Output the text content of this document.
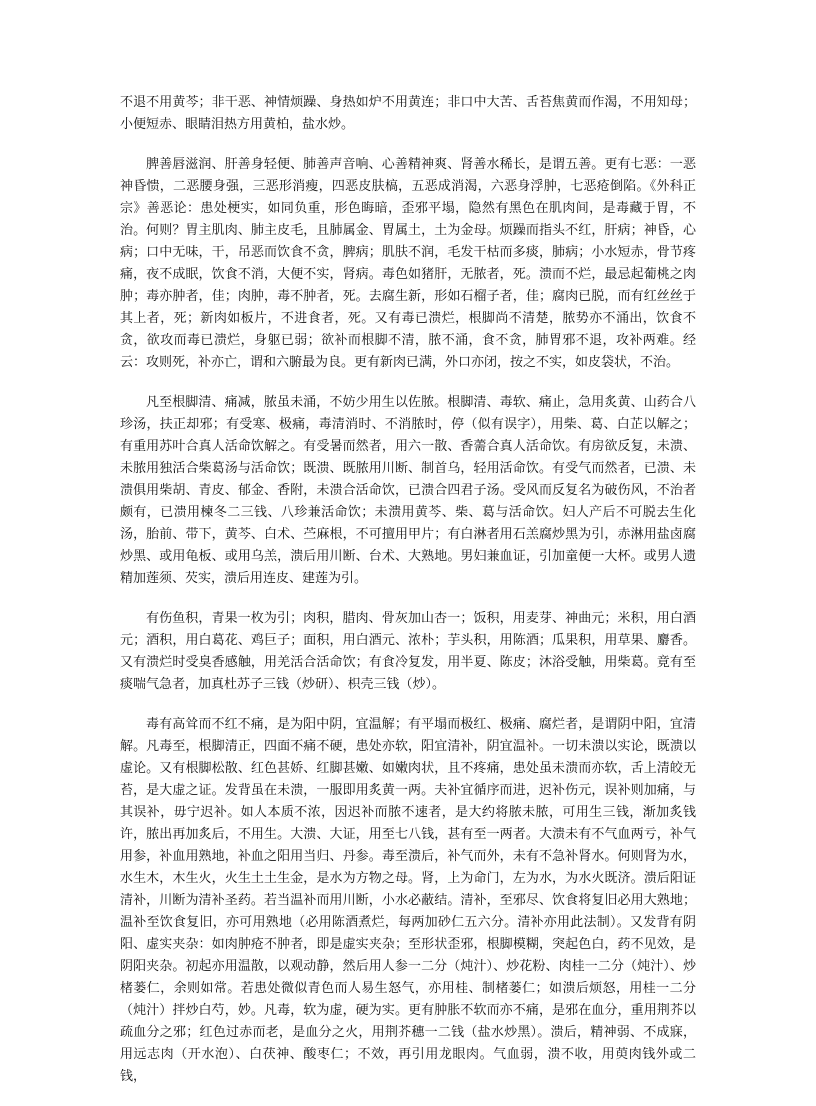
不退不用黄芩；非干恶、神情烦躁、身热如炉不用黄连；非口中大苦、舌苔焦黄而作渴，不用知母；小便短赤、眼睛泪热方用黄柏，盐水炒。

脾善唇滋润、肝善身轻便、肺善声音响、心善精神爽、肾善水稀长，是谓五善。更有七恶：一恶神昏愦，二恶腰身强，三恶形消瘦，四恶皮肤槁，五恶成消渴，六恶身浮肿，七恶疮倒陷。《外科正宗》善恶论：患处梗实，如同负重，形色晦暗，歪邪平塌，隐然有黑色在肌肉间，是毒藏于胃，不治。何则？胃主肌肉、肺主皮毛，且肺属金、胃属土，土为金母。烦躁而指头不红，肝病；神昏，心病；口中无味，干，吊恶而饮食不贪，脾病；肌肤不润，毛发干枯而多痰，肺病；小水短赤，骨节疼痛，夜不成眠，饮食不消，大便不实，肾病。毒色如猪肝，无脓者，死。溃而不烂，最忌起葡桃之肉肿；毒亦肿者，佳；肉肿，毒不肿者，死。去腐生新，形如石榴子者，佳；腐肉已脱，而有红丝丝于其上者，死；新肉如板片，不进食者，死。又有毒已溃烂，根脚尚不清楚，脓势亦不涌出，饮食不贪，欲攻而毒已溃烂，身躯已弱；欲补而根脚不清，脓不涌，食不贪，肺胃邪不退，攻补两难。经云：攻则死，补亦亡，谓和六腑最为良。更有新肉已满，外口亦闭，按之不实，如皮袋状，不治。

凡至根脚清、痛减，脓虽未涌，不妨少用生以佐脓。根脚清、毒软、痛止，急用炙黄、山药合八珍汤，扶正却邪；有受寒、极痛，毒清消时、不消脓时，停（似有误字），用柴、葛、白芷以解之；有重用苏叶合真人活命饮解之。有受暑而然者，用六一散、香薷合真人活命饮。有房欲反复，未溃、未脓用独活合柴葛汤与活命饮；既溃、既脓用川断、制首乌，轻用活命饮。有受气而然者，已溃、未溃俱用柴胡、青皮、郁金、香附，未溃合活命饮，已溃合四君子汤。受风而反复名为破伤风，不治者颇有，已溃用楝冬二三钱、八珍兼活命饮；未溃用黄芩、柴、葛与活命饮。妇人产后不可脱去生化汤，胎前、带下，黄芩、白术、苎麻根，不可擅用甲片；有白淋者用石羔腐炒黑为引，赤淋用盐卤腐炒黑、或用龟板、或用乌羔，溃后用川断、台术、大熟地。男妇兼血证，引加童便一大杯。或男人遗精加莲须、芡实，溃后用连皮、建莲为引。

有伤鱼积，青果一枚为引；肉积，腊肉、骨灰加山杏一；饭积，用麦芽、神曲元；米积，用白酒元；酒积，用白葛花、鸡巨子；面积，用白酒元、浓朴；芋头积，用陈酒；瓜果积，用草果、麝香。又有溃烂时受臭香感触，用羌活合活命饮；有食冷复发，用半夏、陈皮；沐浴受触，用柴葛。竟有至痰喘气急者，加真杜苏子三钱（炒研）、枳壳三钱（炒）。

毒有高耸而不红不痛，是为阳中阴，宜温解；有平塌而极红、极痛、腐烂者，是谓阴中阳，宜清解。凡毒至，根脚清正，四面不痛不硬，患处亦软，阳宜清补，阴宜温补。一切未溃以实论，既溃以虚论。又有根脚松散、红色甚娇、红脚甚嫩、如嫩肉状，且不疼痛，患处虽未溃而亦软，舌上清皎无苔，是大虚之证。发背虽在未溃，一服即用炙黄一两。夫补宜循序而进，迟补伤元，误补则加痛，与其误补，毋宁迟补。如人本质不浓，因迟补而脓不速者，是大约将脓未脓，可用生三钱，渐加炙钱许，脓出再加炙后，不用生。大溃、大证，用至七八钱，甚有至一两者。大溃未有不气血两亏，补气用参，补血用熟地，补血之阳用当归、丹参。毒至溃后，补气而外，未有不急补肾水。何则肾为水，水生木，木生火，火生土土生金，是水为方物之母。肾，上为命门，左为水，为水火既济。溃后阳证清补，川断为清补圣药。若当温补而用川断，小水必蔽结。清补，至邪尽、饮食将复旧必用大熟地；温补至饮食复旧，亦可用熟地（必用陈酒煮烂，每两加砂仁五六分。清补亦用此法制）。又发背有阴阳、虚实夹杂：如肉肿疮不肿者，即是虚实夹杂；至形状歪邪，根脚模糊，突起色白，药不见效，是阴阳夹杂。初起亦用温散，以观动静，然后用人参一二分（炖汁）、炒花粉、肉桂一二分（炖汁）、炒楮蒌仁，余则如常。若患处微似青色而人易生怒气，亦用桂、制楮蒌仁；如溃后烦怒，用桂一二分（炖汁）拌炒白芍，妙。凡毒，软为虚，硬为实。更有肿胀不软而亦不痛，是邪在血分，重用荆芥以疏血分之邪；红色过赤而老，是血分之火，用荆芥穗一二钱（盐水炒黑）。溃后，精神弱、不成寐，用远志肉（开水泡）、白茯神、酸枣仁；不效，再引用龙眼肉。气血弱，溃不收，用萸肉钱外或二钱，
